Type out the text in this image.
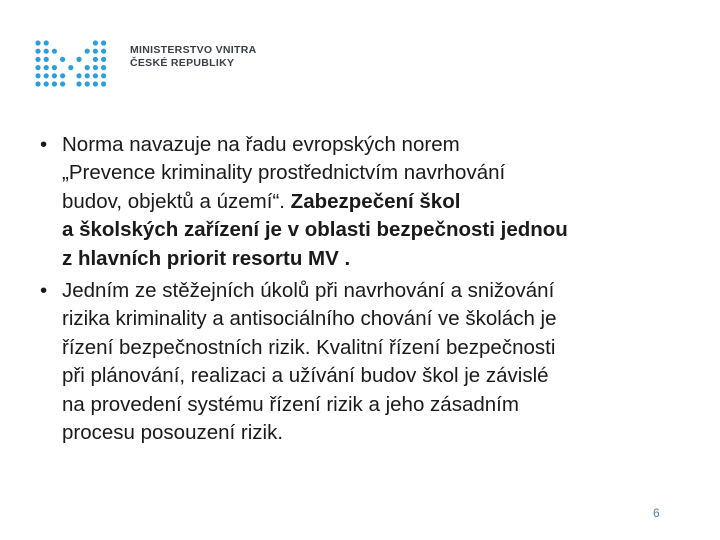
MINISTERSTVO VNITRA
ČESKÉ REPUBLIKY
• Norma navazuje na řadu evropských norem
„Prevence kriminality prostřednictvím navrhování
budov, objektů a území“. Zabezpečení škol
a školských zařízení je v oblasti bezpečnosti jednou
z hlavních priorit resortu MV .
• Jedním ze stěžejních úkolů při navrhování a snižování
rizika kriminality a antisociálního chování ve školách je
řízení bezpečnostních rizik. Kvalitní řízení bezpečnosti
při plánování, realizaci a užívání budov škol je závislé
na provedení systému řízení rizik a jeho zásadním
procesu posouzení rizik.
6
